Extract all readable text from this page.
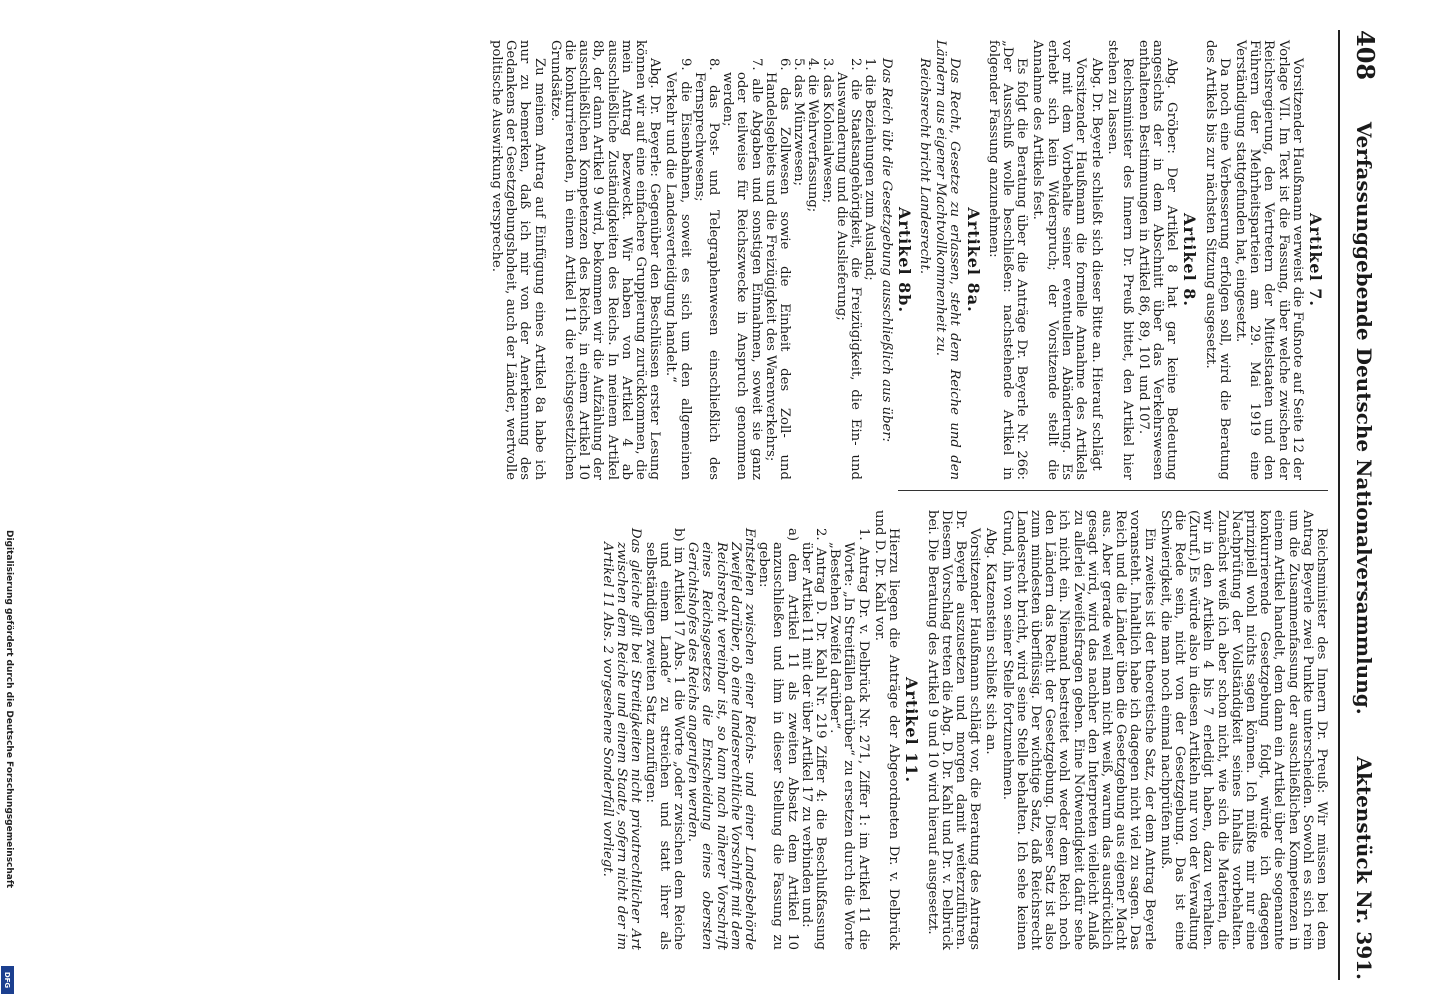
408
Verfassunggebende Deutsche Nationalversammlung.
Aktenstück Nr. 391.
Artikel 7.

Vorsitzender Haußmann verweist die Fußnote auf Seite 12 der Vorlage VII. Im Text ist die Fassung, über welche zwischen der Reichsregierung, den Vertretern der Mittelstaaten und den Führern der Mehrheitsparteien am 29. Mai 1919 eine Verständigung stattgefunden hat, eingesetzt.

Da noch eine Verbesserung erfolgen soll, wird die Beratung des Artikels bis zur nächsten Sitzung ausgesetzt.

Artikel 8.

Abg. Gröber: Der Artikel 8 hat gar keine Bedeutung angesichts der in dem Abschnitt über das Verkehrswesen enthaltenen Bestimmungen in Artikel 86, 89, 101 und 107.

Reichsminister des Innern Dr. Preuß bittet, den Artikel hier stehen zu lassen.

Abg. Dr. Beyerle schließt sich dieser Bitte an. Hierauf schlägt

Vorsitzender Haußmann die formelle Annahme des Artikels vor mit dem Vorbehalte seiner eventuellen Abänderung. Es erhebt sich kein Widerspruch; der Vorsitzende stellt die Annahme des Artikels fest.

Es folgt die Beratung über die Anträge Dr. Beyerle Nr. 266: „Der Ausschuß wolle beschließen: nachstehende Artikel in folgender Fassung anzunehmen:

Artikel 8a.

Das Recht, Gesetze zu erlassen, steht dem Reiche und den Ländern aus eigener Machtvollkommenheit zu.

Reichsrecht bricht Landesrecht.

Artikel 8b.

Das Reich übt die Gesetzgebung ausschließlich aus über:

1. die Beziehungen zum Ausland;
2. die Staatsangehörigkeit, die Freizügigkeit, die Ein- und Auswanderung und die Auslieferung;
3. das Kolonialwesen;
4. die Wehrverfassung;
5. das Münzwesen;
6. das Zollwesen sowie die Einheit des Zoll- und Handelsgebiets und die Freizügigkeit des Warenverkehrs;
7. alle Abgaben und sonstigen Einnahmen, soweit sie ganz oder teilweise für Reichszwecke in Anspruch genommen werden;
8. das Post- und Telegraphenwesen einschließlich des Fernsprechwesens;
9. die Eisenbahnen, soweit es sich um den allgemeinen Verkehr und die Landesverteidigung handelt.“

Abg. Dr. Beyerle: Gegenüber den Beschlüssen erster Lesung können wir auf eine einfachere Gruppierung zurückkommen, die mein Antrag bezweckt. Wir haben von Artikel 4 ab ausschließliche Zuständigkeiten des Reichs. In meinem Artikel 8b, der dann Artikel 9 wird, bekommen wir die Aufzählung der ausschließlichen Kompetenzen des Reichs, in einem Artikel 10 die konkurrierenden, in einem Artikel 11 die reichsgesetzlichen Grundsätze.

Zu meinem Antrag auf Einfügung eines Artikel 8a habe ich nur zu bemerken, daß ich mir von der Anerkennung des Gedankens der Gesetzgebungshoheit, auch der Länder, wertvolle politische Auswirkung verspreche.

Reichsminister des Innern Dr. Preuß: Wir müssen bei dem Antrag Beyerle zwei Punkte unterscheiden. Sowohl es sich rein um die Zusammenfassung der ausschließlichen Kompetenzen in einem Artikel handelt, dem dann ein Artikel über die sogenannte konkurrierende Gesetzgebung folgt, würde ich dagegen prinzipiell wohl nichts sagen können. Ich müßte mir nur eine Nachprüfung der Vollständigkeit seines Inhalts vorbehalten. Zunächst weiß ich aber schon nicht, wie sich die Materien, die wir in den Artikeln 4 bis 7 erledigt haben, dazu verhalten. (Zuruf.) Es würde also in diesen Artikeln nur von der Verwaltung die Rede sein, nicht von der Gesetzgebung. Das ist eine Schwierigkeit, die man noch einmal nachprüfen muß.

Ein zweites ist der theoretische Satz, der dem Antrag Beyerle voransteht. Inhaltlich habe ich dagegen nicht viel zu sagen. Das Reich und die Länder üben die Gesetzgebung aus eigener Macht aus. Aber gerade weil man nicht weiß, warum das ausdrücklich gesagt wird, wird das nachher den Interpreten vielleicht Anlaß zu allerlei Zweifelsfragen geben. Eine Notwendigkeit dafür sehe ich nicht ein. Niemand bestreitet wohl weder dem Reich noch den Ländern das Recht der Gesetzgebung. Dieser Satz ist also zum mindesten überflüssig. Der wichtige Satz, daß Reichsrecht Landesrecht bricht, wird seine Stelle behalten. Ich sehe keinen Grund, ihn von seiner Stelle fortzunehmen.

Abg. Katzenstein schließt sich an.

Vorsitzender Haußmann schlägt vor, die Beratung des Antrags Dr. Beyerle auszusetzen und morgen damit weiterzuführen. Diesem Vorschlag treten die Abg. D. Dr. Kahl und Dr. v. Delbrück bei. Die Beratung des Artikel 9 und 10 wird hierauf ausgesetzt.

Artikel 11.

Hierzu liegen die Anträge der Abgeordneten Dr. v. Delbrück und D. Dr. Kahl vor.

1. Antrag Dr. v. Delbrück Nr. 271, Ziffer 1: im Artikel 11 die Worte: „In Streitfällen darüber“ zu ersetzen durch die Worte „Bestehen Zweifel darüber“.
2. Antrag D. Dr. Kahl Nr. 219 Ziffer 4: die Beschlußfassung über Artikel 11 mit der über Artikel 17 zu verbinden und:
a) dem Artikel 11 als zweiten Absatz dem Artikel 10 anzuschließen und ihm in dieser Stellung die Fassung zu geben:
Entstehen zwischen einer Reichs- und einer Landesbehörde Zweifel darüber, ob eine landesrechtliche Vorschrift mit dem Reichsrecht vereinbar ist, so kann nach näherer Vorschrift eines Reichsgesetzes die Entscheidung eines obersten Gerichtshofes des Reichs angerufen werden.
b) im Artikel 17 Abs. 1 die Worte „oder zwischen dem Reiche und einem Lande“ zu streichen und statt ihrer als selbständigen zweiten Satz anzufügen:
Das gleiche gilt bei Streitigkeiten nicht privatrechtlicher Art zwischen dem Reiche und einem Staate, sofern nicht der im Artikel 11 Abs. 2 vorgesehene Sonderfall vorliegt.
Digitalisierung gefördert durch die Deutsche Forschungsgemeinschaft
DFG
